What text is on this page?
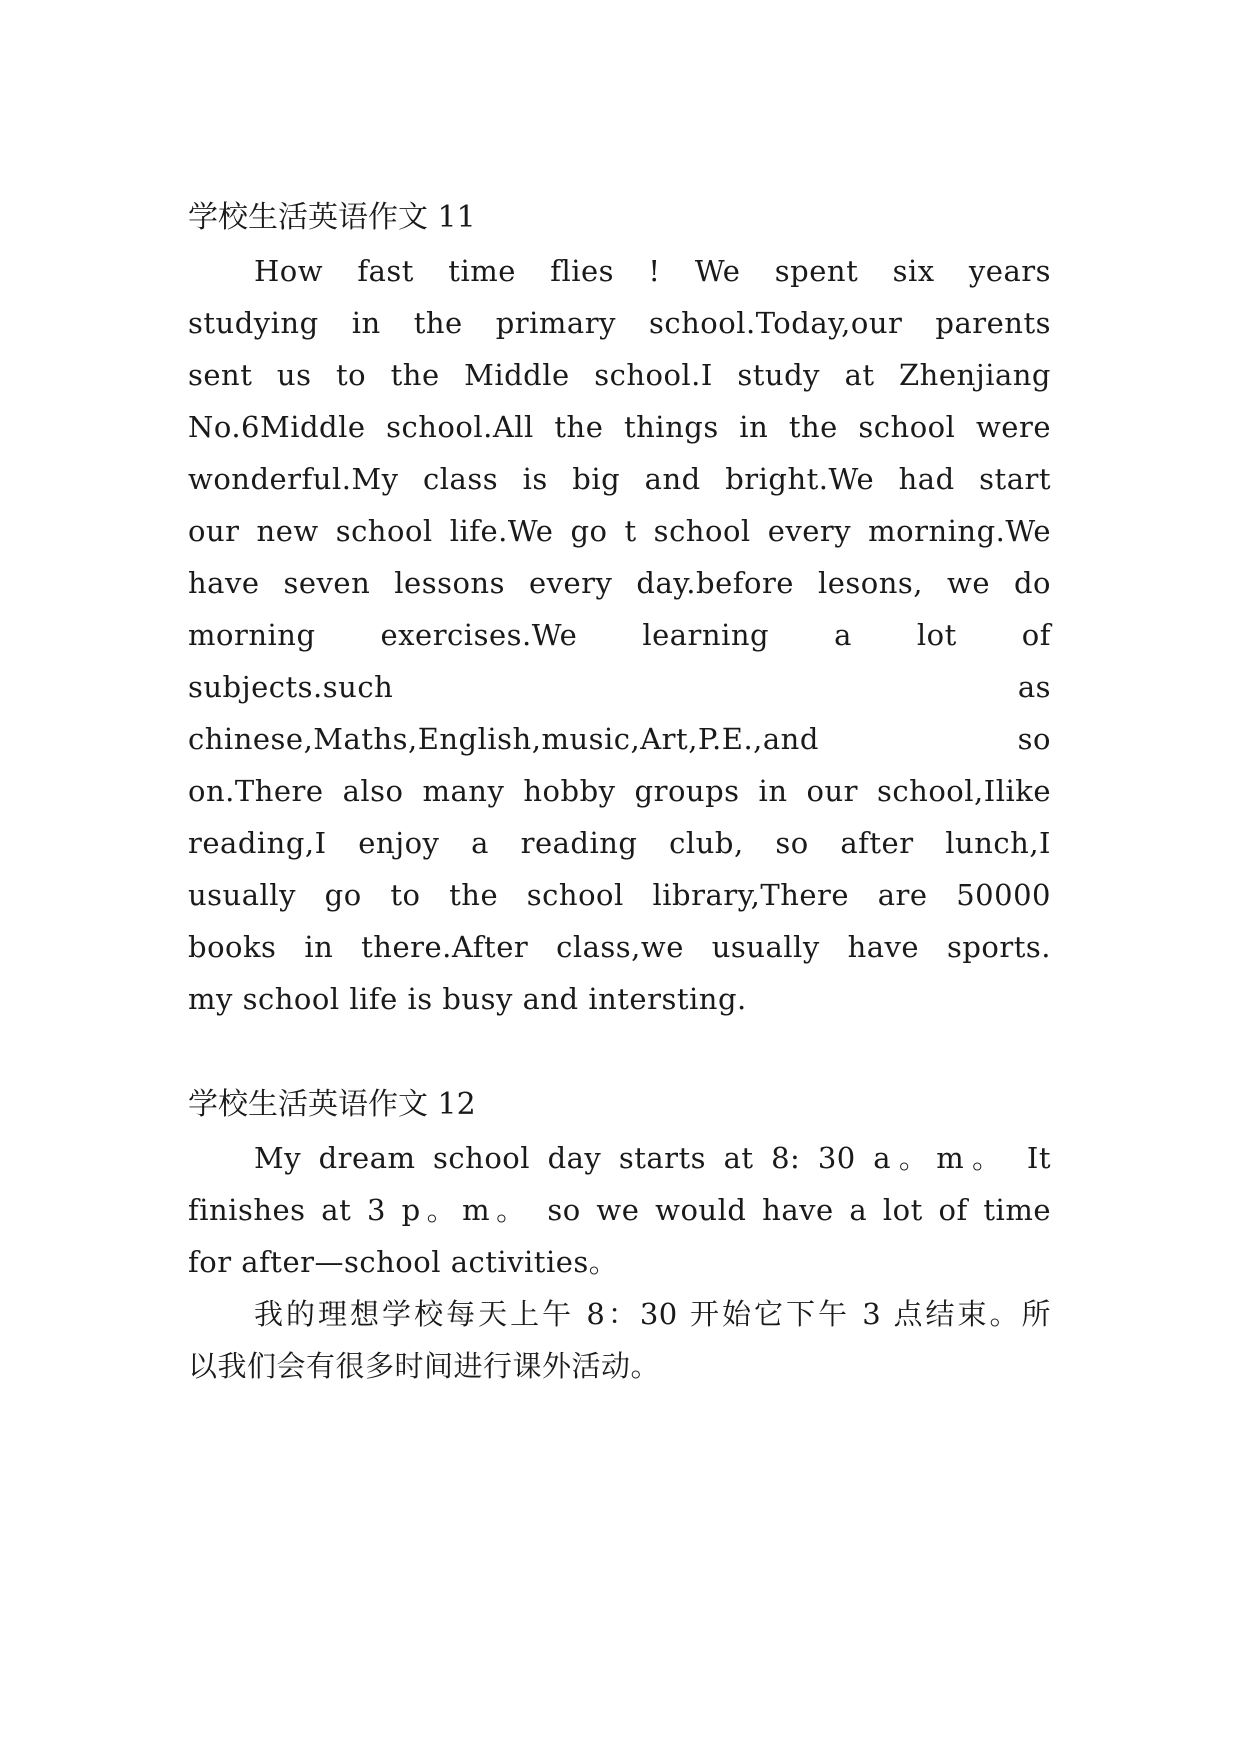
学校生活英语作文 11
How fast time flies ! We spent six years
studying in the primary school.Today,our parents
sent us to the Middle school.I study at Zhenjiang
No.6Middle school.All the things in the school were
wonderful.My class is big and bright.We had start
our new school life.We go t school every morning.We
have seven lessons every day.before lesons, we do
morning exercises.We learning a lot of
subjects.such as
chinese,Maths,English,music,Art,P.E.,and so
on.There also many hobby groups in our school,Ilike
reading,I enjoy a reading club, so after lunch,I
usually go to the school library,There are 50000
books in there.After class,we usually have sports.
my school life is busy and intersting.
学校生活英语作文 12
My dream school day starts at 8: 30 a。m。 It
finishes at 3 p。m。 so we would have a lot of time
for after—school activities。
我的理想学校每天上午 8：30 开始它下午 3 点结束。所
以我们会有很多时间进行课外活动。
